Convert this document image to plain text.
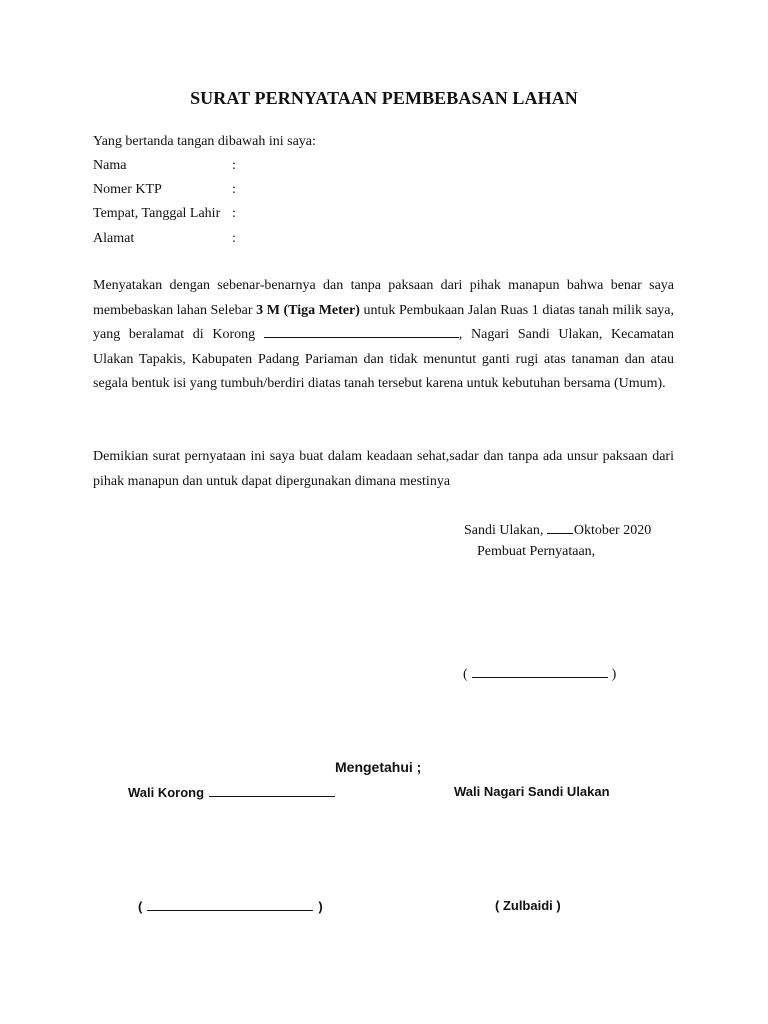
SURAT PERNYATAAN PEMBEBASAN LAHAN
Yang bertanda tangan dibawah ini saya:
Nama	:
Nomer KTP	:
Tempat, Tanggal Lahir :
Alamat	:

Menyatakan dengan sebenar-benarnya dan tanpa paksaan dari pihak manapun bahwa benar saya membebaskan lahan Selebar 3 M (Tiga Meter) untuk Pembukaan Jalan Ruas 1 diatas tanah milik saya, yang beralamat di Korong	, Nagari Sandi Ulakan, Kecamatan Ulakan Tapakis, Kabupaten Padang Pariaman dan tidak menuntut ganti rugi atas tanaman dan atau segala bentuk isi yang tumbuh/berdiri diatas tanah tersebut karena untuk kebutuhan bersama (Umum).

Demikian surat pernyataan ini saya buat dalam keadaan sehat,sadar dan tanpa ada unsur paksaan dari pihak manapun dan untuk dapat dipergunakan dimana mestinya

Sandi Ulakan, Oktober 2020
Pembuat Pernyataan,
(	)
Mengetahui ;
Wali Korong	Wali Nagari Sandi Ulakan
(	)	( Zulbaidi )
